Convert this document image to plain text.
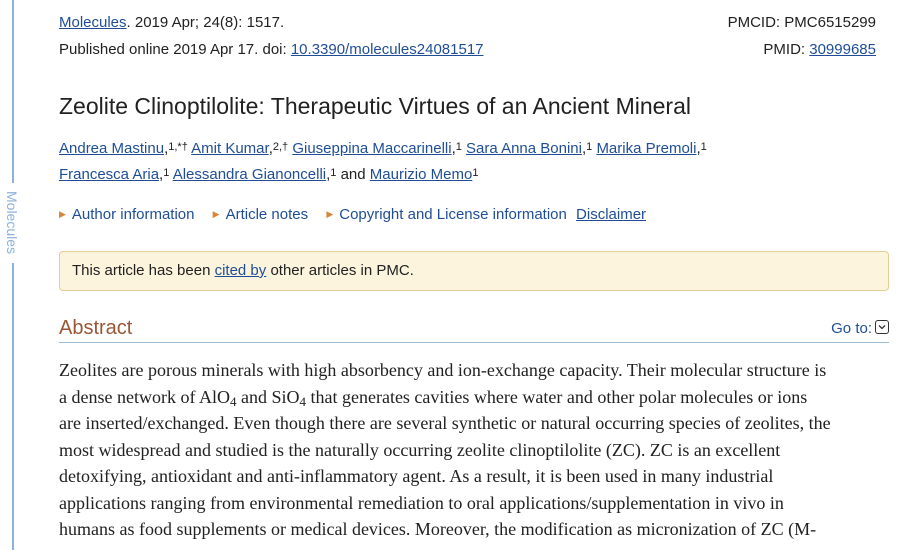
Molecules
Molecules. 2019 Apr; 24(8): 1517.	PMCID: PMC6515299
Published online 2019 Apr 17. doi: 10.3390/molecules24081517	PMID: 30999685
Zeolite Clinoptilolite: Therapeutic Virtues of an Ancient Mineral
Andrea Mastinu,$^{1,*\dagger}$ Amit Kumar,$^{2,\dagger}$ Giuseppina Maccarinelli,$^1$ Sara Anna Bonini,$^1$ Marika Premoli,$^1$
Francesca Aria,$^1$ Alessandra Gianoncelli,$^1$ and Maurizio Memo$^1$
▶ Author information ▶ Article notes ▶ Copyright and License information Disclaimer
This article has been cited by other articles in PMC.
Abstract	Go to:
Zeolites are porous minerals with high absorbency and ion-exchange capacity. Their molecular structure is
a dense network of AlO$_4$ and SiO$_4$ that generates cavities where water and other polar molecules or ions
are inserted/exchanged. Even though there are several synthetic or natural occurring species of zeolites, the
most widespread and studied is the naturally occurring zeolite clinoptilolite (ZC). ZC is an excellent
detoxifying, antioxidant and anti-inflammatory agent. As a result, it is been used in many industrial
applications ranging from environmental remediation to oral applications/supplementation in vivo in
humans as food supplements or medical devices. Moreover, the modification as micronization of ZC (M-
